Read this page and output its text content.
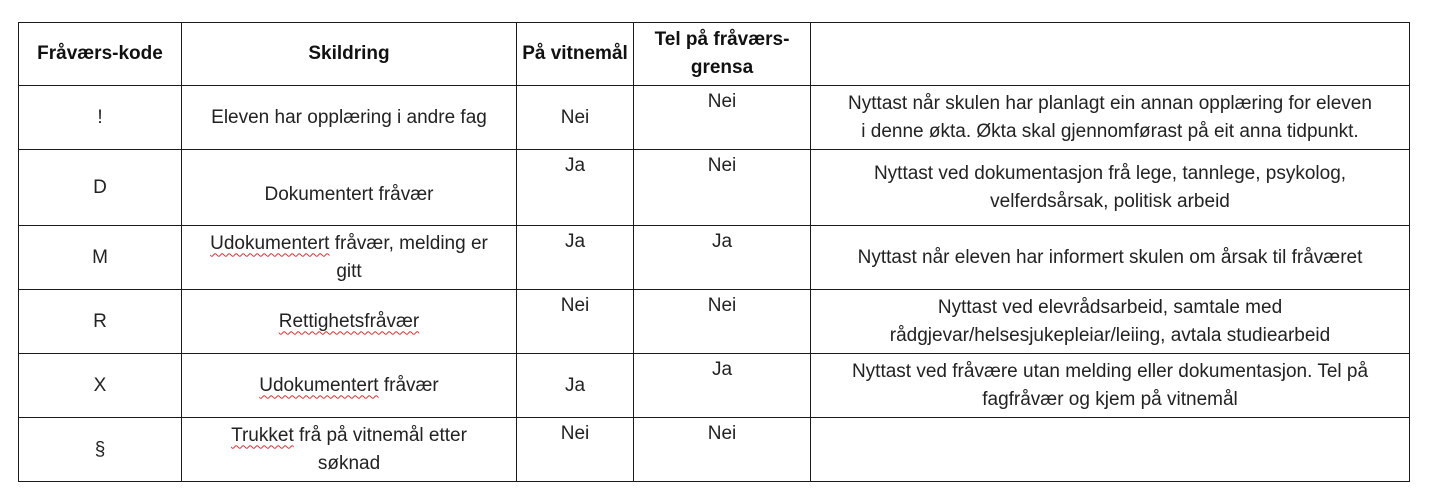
Fråværs-kode	Skildring	På vitnemål	Tel på fråværs-
grensa	
!	Eleven har opplæring i andre fag	Nei	Nei	Nyttast når skulen har planlagt ein annan opplæring for eleven
i denne økta. Økta skal gjennomførast på eit anna tidpunkt.
D	Dokumentert fråvær	Ja	Nei	Nyttast ved dokumentasjon frå lege, tannlege, psykolog,
velferdsårsak, politisk arbeid
M	Udokumentert fråvær, melding er
gitt	Ja	Ja	Nyttast når eleven har informert skulen om årsak til fråværet
R	Rettighetsfråvær	Nei	Nei	Nyttast ved elevrådsarbeid, samtale med
rådgjevar/helsesjukepleiar/leiing, avtala studiearbeid
X	Udokumentert fråvær	Ja	Ja	Nyttast ved fråvære utan melding eller dokumentasjon. Tel på
fagfråvær og kjem på vitnemål
§	Trukket frå på vitnemål etter
søknad	Nei	Nei	
